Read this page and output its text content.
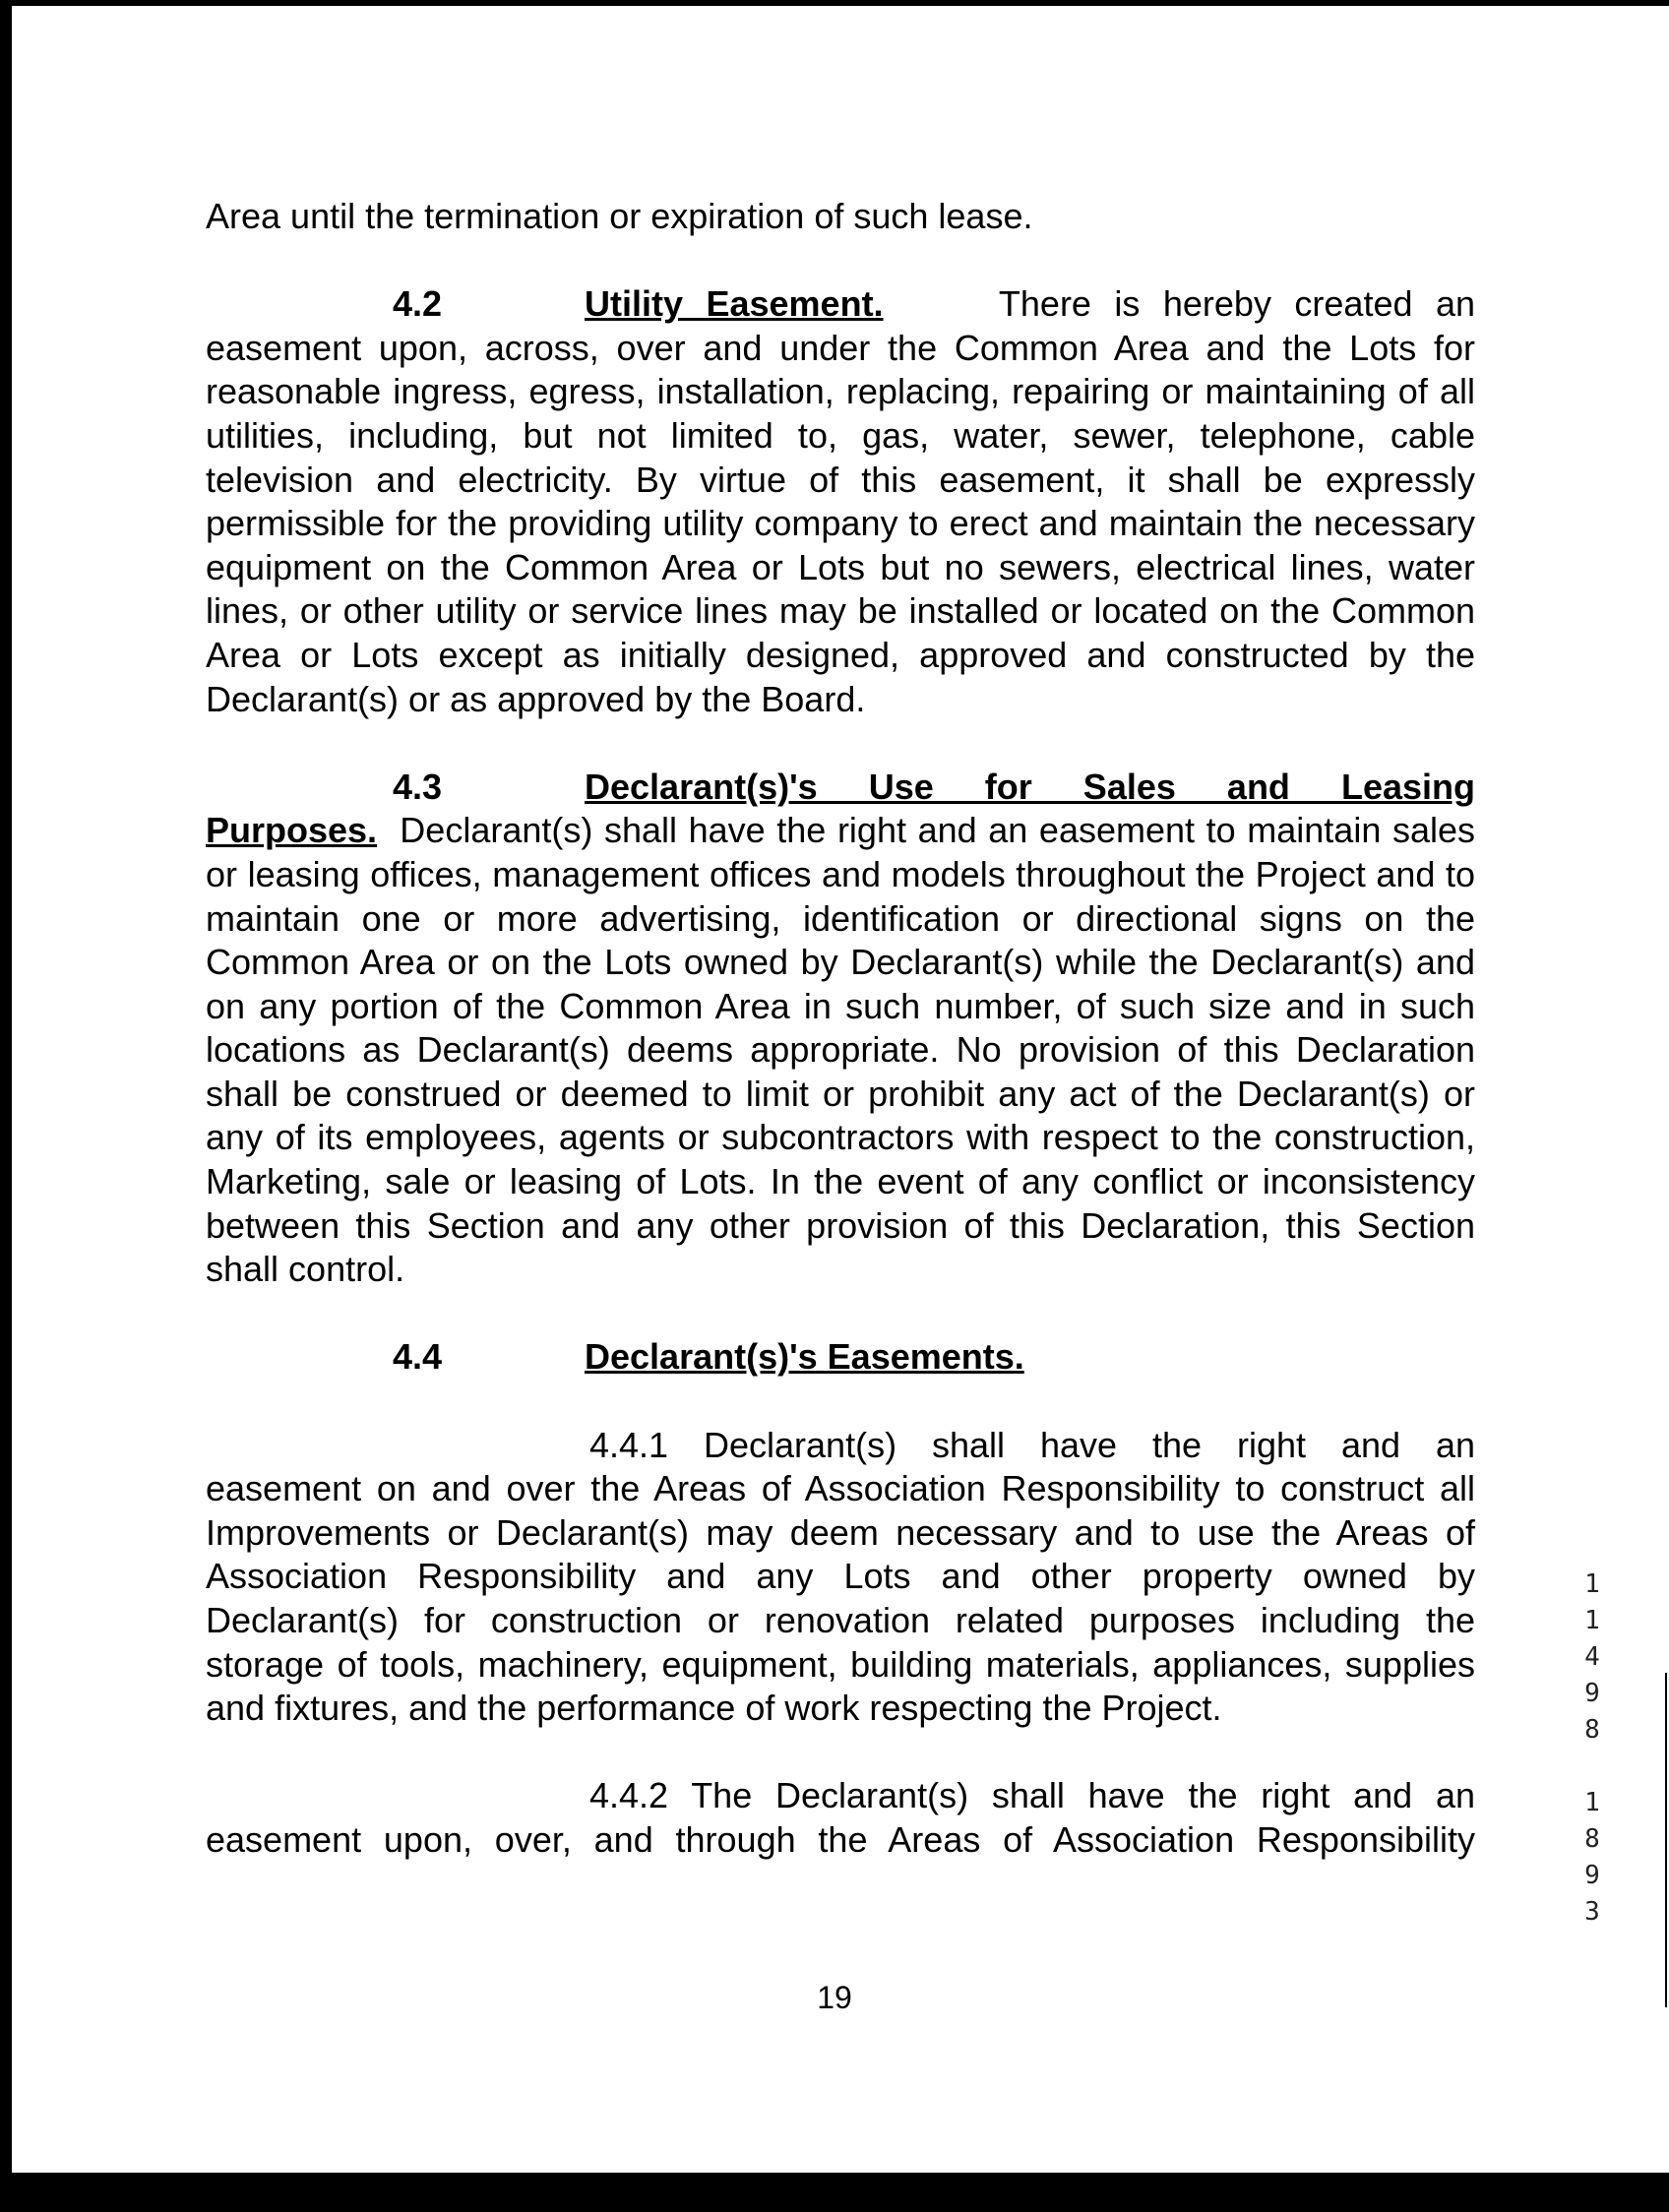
Area until the termination or expiration of such lease.

4.2	Utility Easement.	There is hereby created an

easement upon, across, over and under the Common Area and the Lots for reasonable ingress, egress, installation, replacing, repairing or maintaining of all utilities, including, but not limited to, gas, water, sewer, telephone, cable television and electricity. By virtue of this easement, it shall be expressly permissible for the providing utility company to erect and maintain the necessary equipment on the Common Area or Lots but no sewers, electrical lines, water lines, or other utility or service lines may be installed or located on the Common Area or Lots except as initially designed, approved and constructed by the Declarant(s) or as approved by the Board.

4.3	Declarant(s)'s Use for Sales and Leasing

Purposes. Declarant(s) shall have the right and an easement to maintain sales or leasing offices, management offices and models throughout the Project and to maintain one or more advertising, identification or directional signs on the Common Area or on the Lots owned by Declarant(s) while the Declarant(s) and on any portion of the Common Area in such number, of such size and in such locations as Declarant(s) deems appropriate. No provision of this Declaration shall be construed or deemed to limit or prohibit any act of the Declarant(s) or any of its employees, agents or subcontractors with respect to the construction, Marketing, sale or leasing of Lots. In the event of any conflict or inconsistency between this Section and any other provision of this Declaration, this Section shall control.

4.4	Declarant(s)'s Easements.

4.4.1 Declarant(s) shall have the right and an

easement on and over the Areas of Association Responsibility to construct all Improvements or Declarant(s) may deem necessary and to use the Areas of Association Responsibility and any Lots and other property owned by Declarant(s) for construction or renovation related purposes including the storage of tools, machinery, equipment, building materials, appliances, supplies and fixtures, and the performance of work respecting the Project.

4.4.2 The Declarant(s) shall have the right and an

easement upon, over, and through the Areas of Association Responsibility

19
1
1
4
9
8
1
8
9
3
